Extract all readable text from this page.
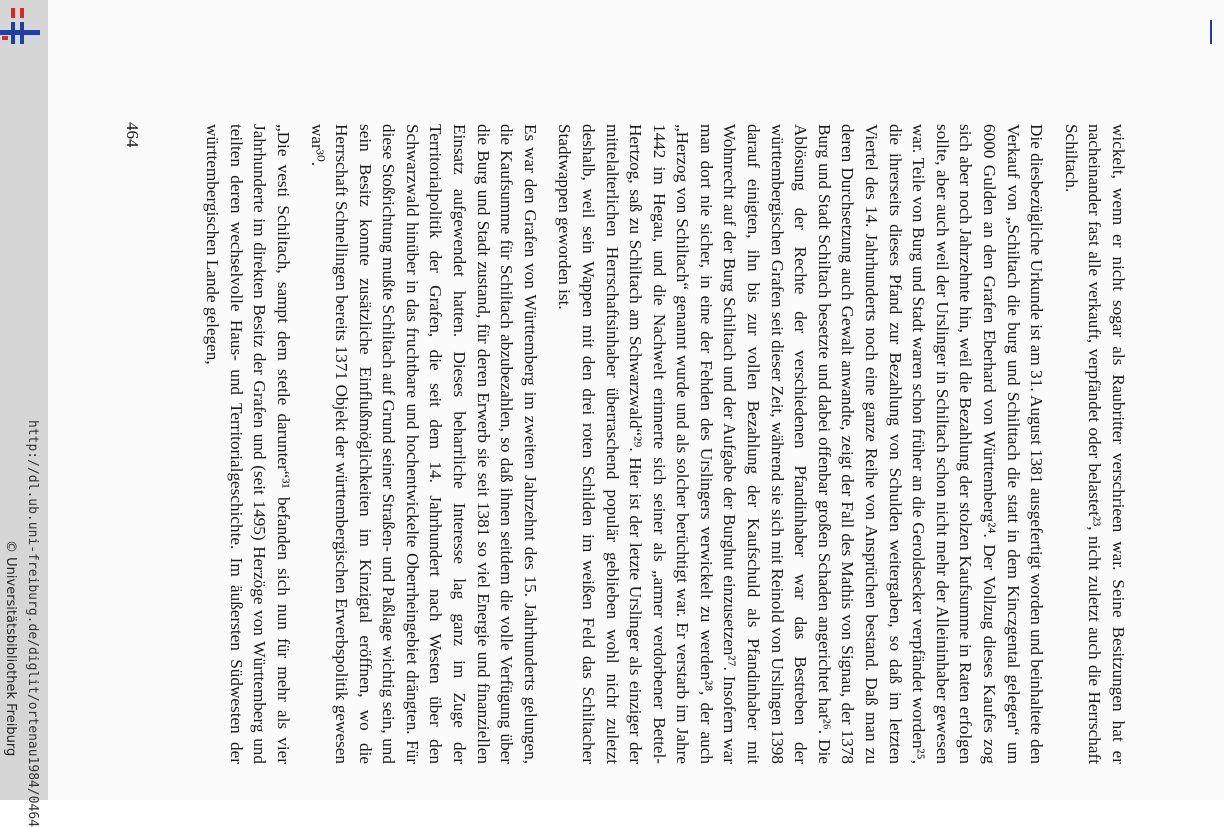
http://dl.ub.uni-freiburg.de/diglit/ortenau1984/0464
© Universitätsbibliothek Freiburg	wickelt, wenn er nicht sogar als Raubritter verschrieen war. Seine Besitzungen hat er nacheinander fast alle verkauft, verpfändet oder belastet²³, nicht zuletzt auch die Herrschaft Schiltach.

Die diesbezügliche Urkunde ist am 31. August 1381 ausgefertigt worden und beinhaltete den Verkauf von „Schiltach die burg und Schilttach die statt in dem Kinczgental gelegen“ um 6000 Gulden an den Grafen Eberhard von Württemberg²⁴. Der Vollzug dieses Kaufes zog sich aber noch Jahrzehnte hin, weil die Bezahlung der stolzen Kaufsumme in Raten erfolgen sollte, aber auch weil der Urslinger in Schiltach schon nicht mehr der Alleininhaber gewesen war. Teile von Burg und Stadt waren schon früher an die Geroldsecker verpfändet worden²⁵, die ihrerseits dieses Pfand zur Bezahlung von Schulden weitergaben, so daß im letzten Viertel des 14. Jahrhunderts noch eine ganze Reihe von Ansprüchen bestand. Daß man zu deren Durchsetzung auch Gewalt anwandte, zeigt der Fall des Mathis von Signau, der 1378 Burg und Stadt Schiltach besetzte und dabei offenbar großen Schaden angerichtet hat²⁶. Die Ablösung der Rechte der verschiedenen Pfandinhaber war das Bestreben der württembergischen Grafen seit dieser Zeit, während sie sich mit Reinold von Urslingen 1398 darauf einigten, ihn bis zur vollen Bezahlung der Kaufschuld als Pfandinhaber mit Wohnrecht auf der Burg Schiltach und der Aufgabe der Burghut einzusetzen²⁷. Insofern war man dort nie sicher, in eine der Fehden des Urslingers verwickelt zu werden²⁸, der auch „Herzog von Schiltach“ genannt wurde und als solcher berüchtigt war. Er verstarb im Jahre 1442 im Hegau, und die Nachwelt erinnerte sich seiner als „armer verdorbener Bettel-Hertzog, saß zu Schiltach am Schwarzwald“²⁹. Hier ist der letzte Urslinger als einziger der mittelalterlichen Herrschaftsinhaber überraschend populär geblieben wohl nicht zuletzt deshalb, weil sein Wappen mit den drei roten Schilden im weißen Feld das Schiltacher Stadtwappen geworden ist.

Es war den Grafen von Württemberg im zweiten Jahrzehnt des 15. Jahrhunderts gelungen, die Kaufsumme für Schiltach abzubezahlen, so daß ihnen seitdem die volle Verfügung über die Burg und Stadt zustand, für deren Erwerb sie seit 1381 so viel Energie und finanziellen Einsatz aufgewendet hatten. Dieses beharrliche Interesse lag ganz im Zuge der Territorialpolitik der Grafen, die seit dem 14. Jahrhundert nach Westen über den Schwarzwald hinüber in das fruchtbare und hochentwickelte Oberrheingebiet drängten. Für diese Stoßrichtung mußte Schiltach auf Grund seiner Straßen- und Paßlage wichtig sein, und sein Besitz konnte zusätzliche Einflußmöglichkeiten im Kinzigtal eröffnen, wo die Herrschaft Schnellingen bereits 1371 Objekt der württembergischen Erwerbspolitik gewesen war³⁰.

„Die vesti Schiltach, sampt dem stetle darunter“³¹ befanden sich nun für mehr als vier Jahrhunderte im direkten Besitz der Grafen und (seit 1495) Herzöge von Württemberg und teilten deren wechselvolle Haus- und Territorialgeschichte. Im äußersten Südwesten der württembergischen Lande gelegen,

464
